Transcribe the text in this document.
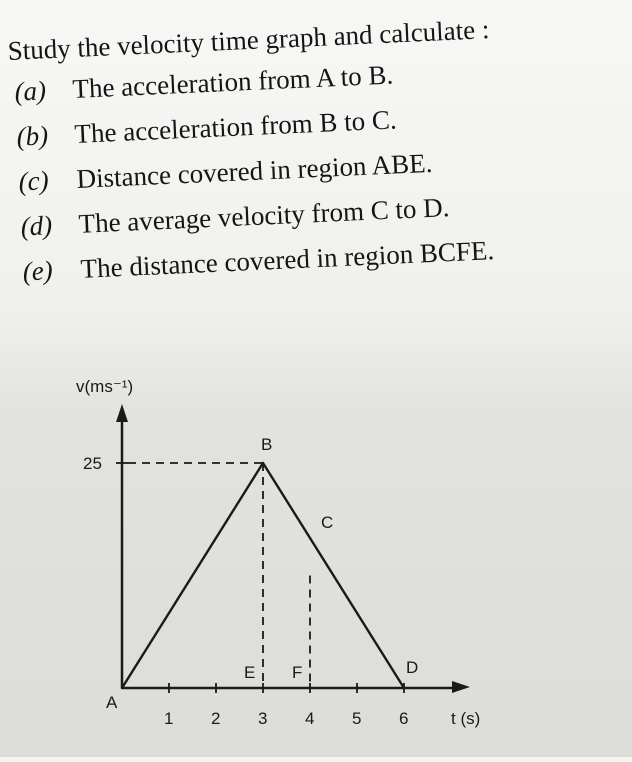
Study the velocity time graph and calculate :
(a) The acceleration from A to B.
(b) The acceleration from B to C.
(c) Distance covered in region ABE.
(d) The average velocity from C to D.
(e) The distance covered in region BCFE.
v(ms⁻¹)
t (s)
1 2 3 4 5 6
25
A
B
C
D
E F
